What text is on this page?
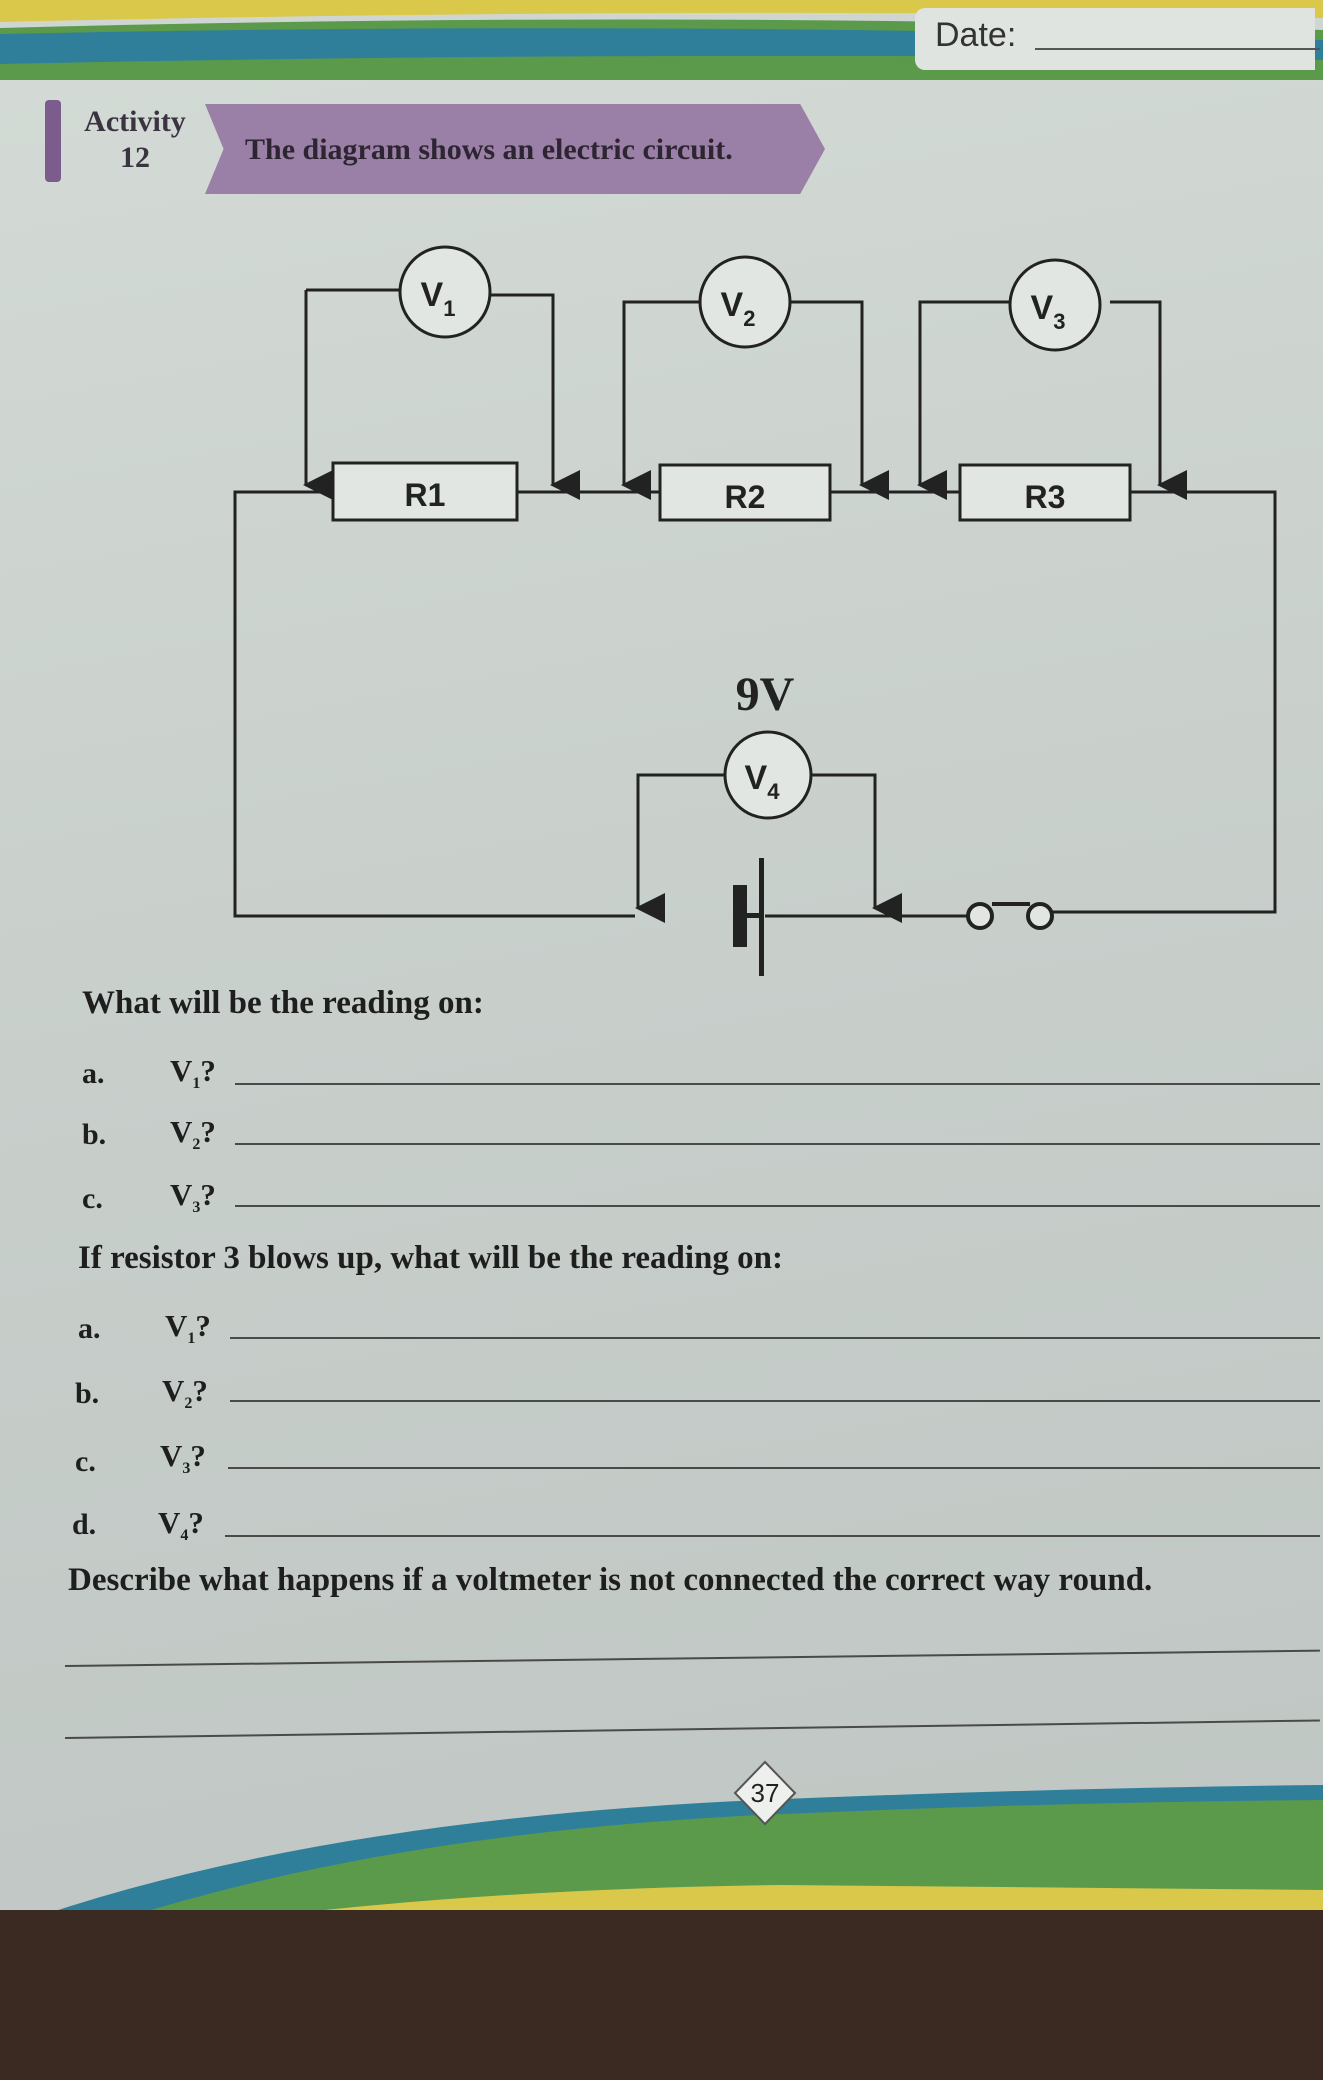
Date:
Activity
12	The diagram shows an electric circuit.
R1	R2	R3
$V_1$	$V_2$	$V_3$
9V
$V_4$
What will be the reading on:
a. $V_1$?
b. $V_2$?
c. $V_3$?
If resistor 3 blows up, what will be the reading on:
a. $V_1$?
b. $V_2$?
c. $V_3$?
d. $V_4$?
Describe what happens if a voltmeter is not connected the correct way round.
37
